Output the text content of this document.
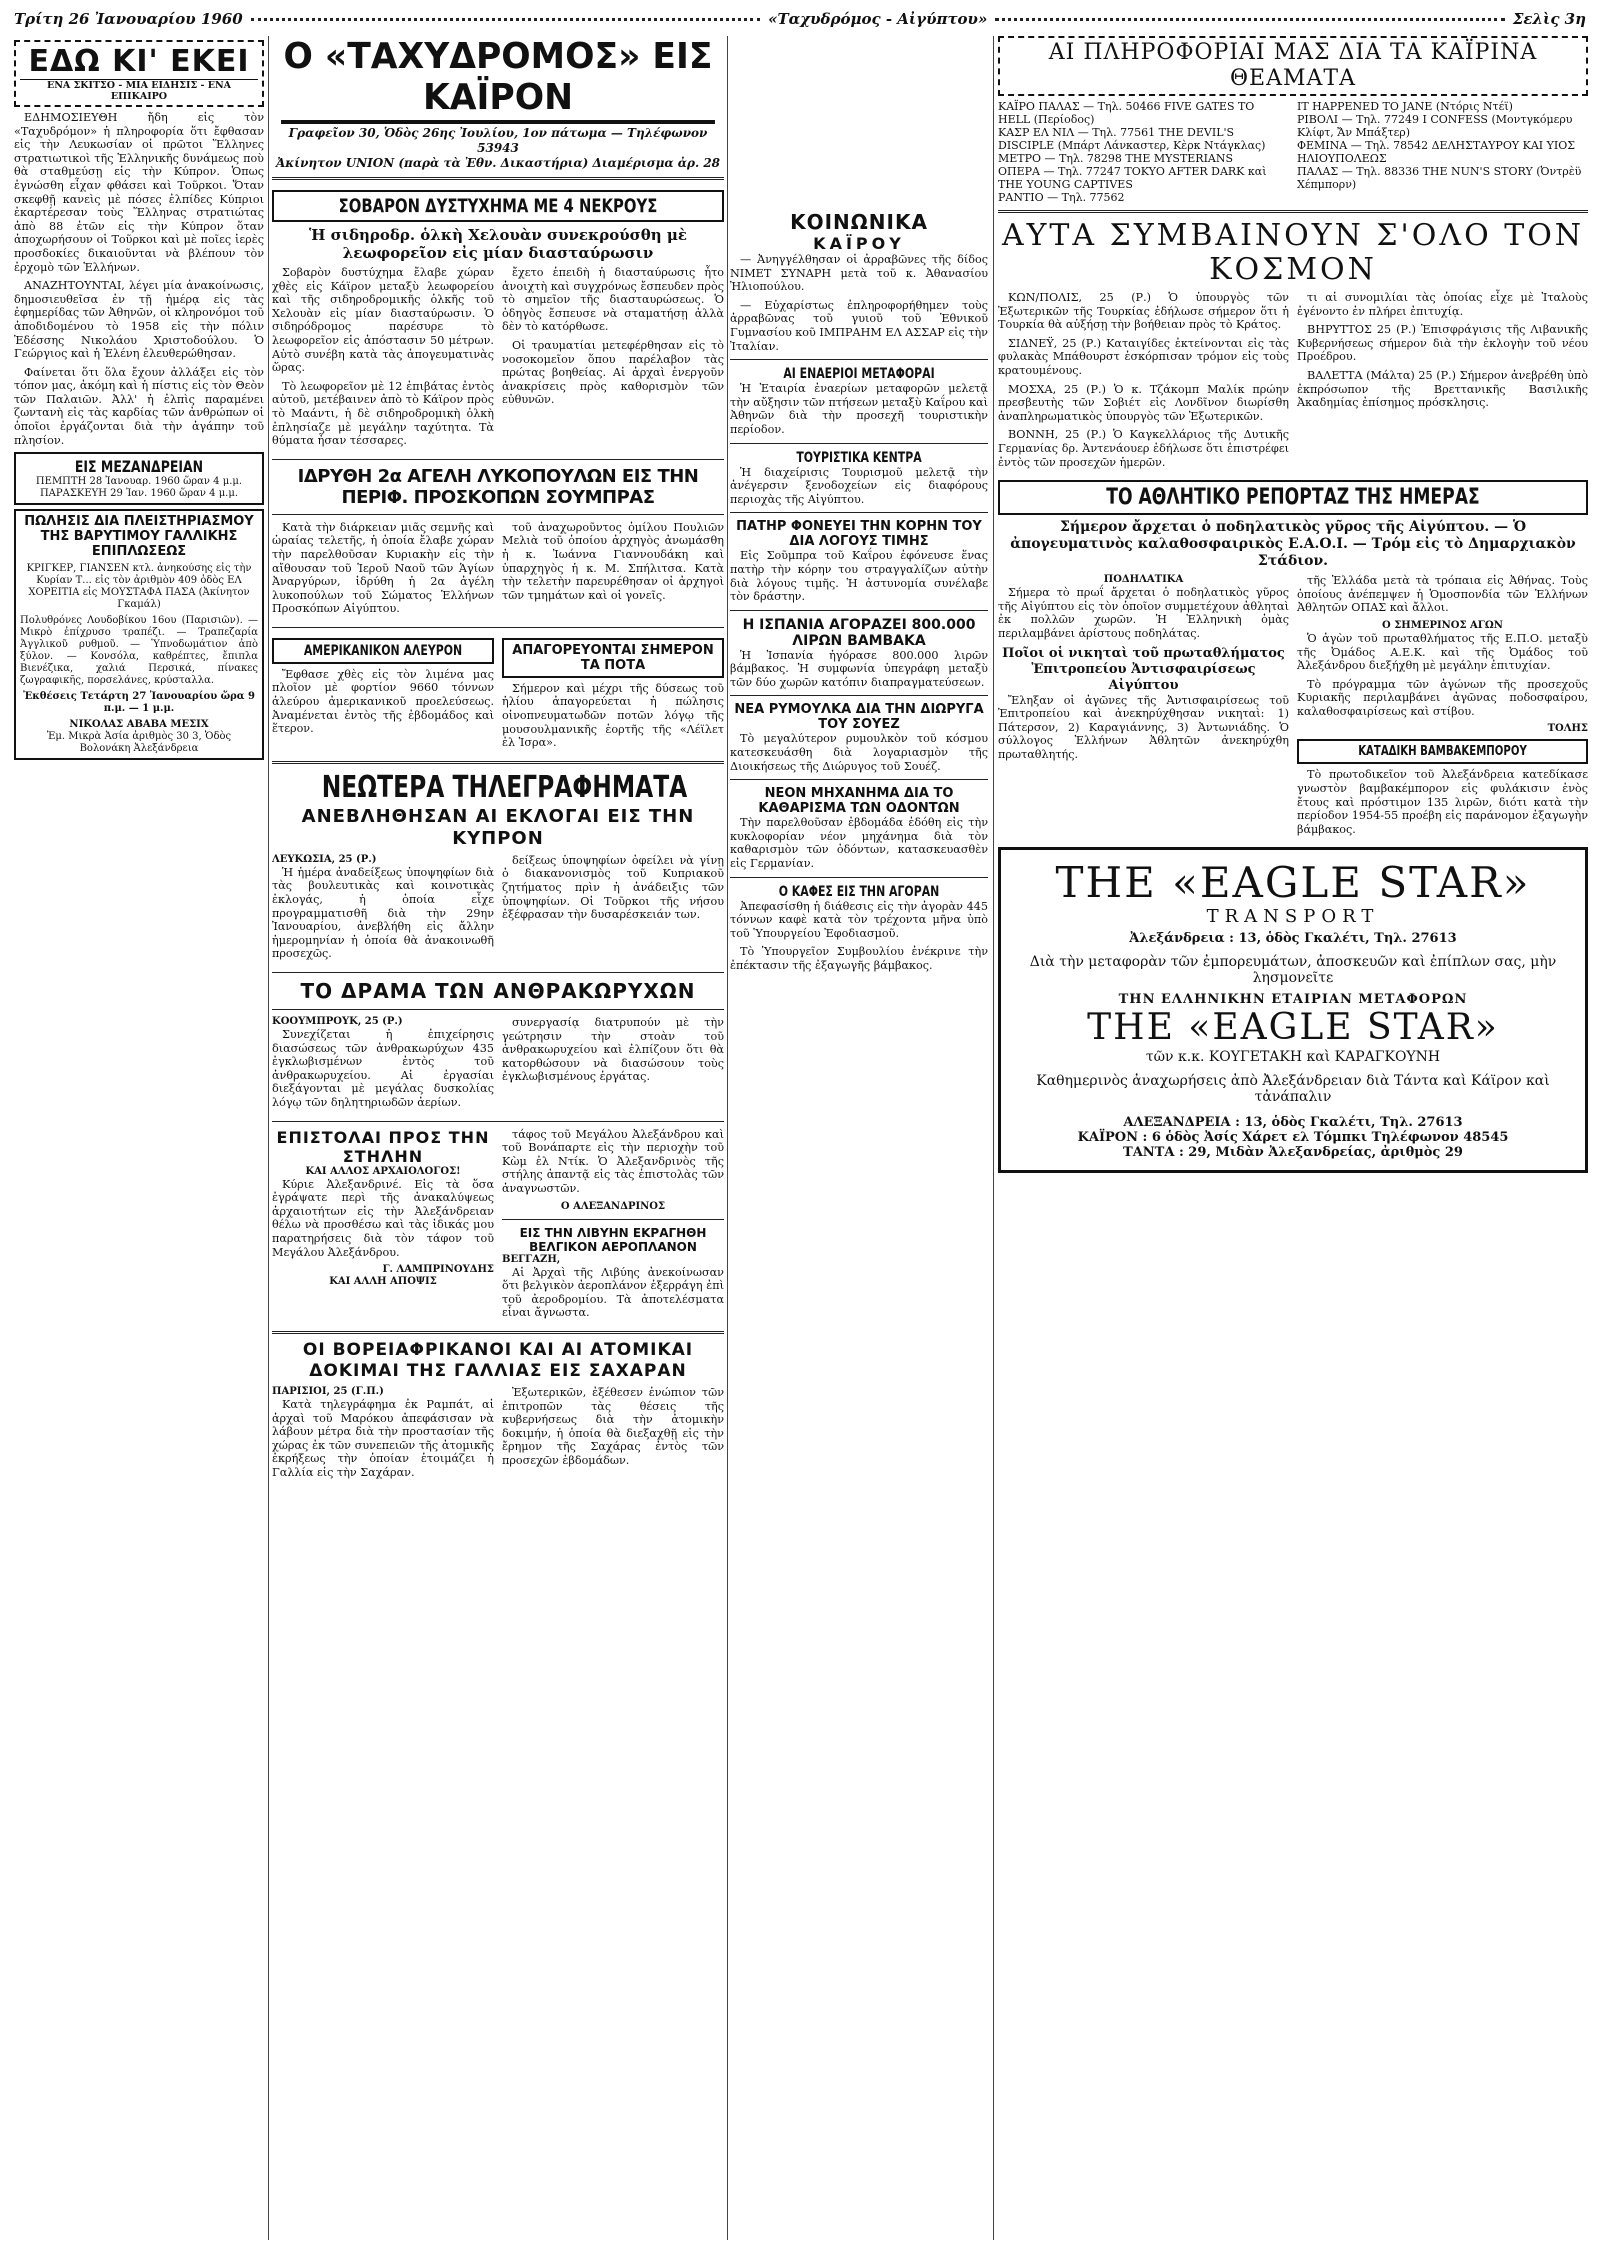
Τρίτη 26 Ἰανουαρίου 1960	«Ταχυδρόμος - Αἰγύπτου»	Σελὶς 3η
ΕΔΩ ΚΙ' ΕΚΕΙ
ΕΝΑ ΣΚΙΤΣΟ - ΜΙΑ ΕΙΔΗΣΙΣ - ΕΝΑ ΕΠΙΚΑΙΡΟ

ΕΔΗΜΟΣΙΕΥΘΗ ἤδη εἰς τὸν «Ταχυδρόμον» ἡ πληροφορία ὅτι ἔφθασαν εἰς τὴν Λευκωσίαν οἱ πρῶτοι Ἕλληνες στρατιωτικοὶ τῆς Ἑλληνικῆς δυνάμεως ποὺ θὰ σταθμεύσῃ εἰς τὴν Κύπρον. Ὁπως ἐγνώσθη εἶχαν φθάσει καὶ Τοῦρκοι. Ὅταν σκεφθῇ κανεὶς μὲ πόσες ἐλπίδες Κύπριοι ἐκαρτέρεσαν τοὺς Ἕλληνας στρατιώτας ἀπὸ 88 ἐτῶν εἰς τὴν Κύπρον ὅταν ἀποχωρήσουν οἱ Τοῦρκοι καὶ μὲ ποῖες ἱερὲς προσδοκίες δικαιοῦνται νὰ βλέπουν τὸν ἐρχομὸ τῶν Ἑλλήνων.

ΑΝΑΖΗΤΟΥΝΤΑΙ, λέγει μία ἀνακοίνωσις, δημοσιευθεῖσα ἐν τῇ ἡμέρᾳ εἰς τὰς ἐφημερίδας τῶν Ἀθηνῶν, οἱ κληρονόμοι τοῦ ἀποδιδομένου τὸ 1958 εἰς τὴν πόλιν Ἐδέσσης Νικολάου Χριστοδούλου. Ὁ Γεώργιος καὶ ἡ Ἑλένη ἐλευθερώθησαν.

Φαίνεται ὅτι ὅλα ἔχουν ἀλλάξει εἰς τὸν τόπον μας, ἀκόμη καὶ ἡ πίστις εἰς τὸν Θεὸν τῶν Παλαιῶν. Ἀλλ' ἡ ἐλπὶς παραμένει ζωντανὴ εἰς τὰς καρδίας τῶν ἀνθρώπων οἱ ὁποῖοι ἐργάζονται διὰ τὴν ἀγάπην τοῦ πλησίον.

ΕΙΣ ΜΕΖΑΝΔΡΕΙΑΝ
ΠΕΜΠΤΗ 28 Ἰανουαρ. 1960 ὥραν 4 μ.μ. ΠΑΡΑΣΚΕΥΗ 29 Ἰαν. 1960 ὥραν 4 μ.μ.
ΠΩΛΗΣΙΣ ΔΙΑ ΠΛΕΙΣΤΗΡΙΑΣΜΟΥ ΤΗΣ ΒΑΡΥΤΙΜΟΥ ΓΑΛΛΙΚΗΣ ΕΠΙΠΛΩΣΕΩΣ
ΚΡΙΓΚΕΡ, ΓΙΑΝΣΕΝ κτλ. ἀνηκούσης εἰς τὴν Κυρίαν Τ... εἰς τὸν ἀριθμὸν 409 ὁδὸς ΕΛ ΧΟΡΕΙΤΙΑ εἰς ΜΟΥΣΤΑΦΑ ΠΑΣΑ (Ἀκίνητον Γκαμάλ)
Πολυθρόνες Λουδοβίκου 16ου (Παρισιῶν). — Μικρὸ ἐπίχρυσο τραπέζι. — Τραπεζαρία Ἀγγλικοῦ ρυθμοῦ. — Ὑπνοδωμάτιον ἀπὸ ξύλον. — Κονσόλα, καθρέπτες, ἔπιπλα Βιενέζικα, χαλιά Περσικά, πίνακες ζωγραφικῆς, πορσελάνες, κρύσταλλα.
Ἐκθέσεις Τετάρτη 27 Ἰανουαρίου ὥρα 9 π.μ. — 1 μ.μ.
ΝΙΚΟΛΑΣ ΑΒΑΒΑ ΜΕΣΙΧ
Ἐμ. Μικρὰ Ἀσία ἀριθμὸς 30 3, Ὁδὸς Βολονάκη Ἀλεξάνδρεια
Ο «ΤΑΧΥΔΡΟΜΟΣ» ΕΙΣ ΚΑΪΡΟΝ
Γραφεῖον 30, Ὁδὸς 26ης Ἰουλίου, 1ον πάτωμα — Τηλέφωνον 53943
Ἀκίνητον UNION (παρὰ τὰ Ἐθν. Δικαστήρια) Διαμέρισμα ἀρ. 28
ΣΟΒΑΡΟΝ ΔΥΣΤΥΧΗΜΑ ΜΕ 4 ΝΕΚΡΟΥΣ
Ἡ σιδηροδρ. ὁλκὴ Χελουὰν συνεκρούσθη μὲ λεωφορεῖον εἰς μίαν διασταύρωσιν

Σοβαρὸν δυστύχημα ἔλαβε χώραν χθὲς εἰς Κάϊρον μεταξὺ λεωφορείου καὶ τῆς σιδηροδρομικῆς ὁλκῆς τοῦ Χελουὰν εἰς μίαν διασταύρωσιν. Ὁ σιδηρόδρομος παρέσυρε τὸ λεωφορεῖον εἰς ἀπόστασιν 50 μέτρων. Αὐτὸ συνέβη κατὰ τὰς ἀπογευματινὰς ὥρας.

Τὸ λεωφορεῖον μὲ 12 ἐπιβάτας ἐντὸς αὐτοῦ, μετέβαινεν ἀπὸ τὸ Κάϊρον πρὸς τὸ Μαάντι, ἡ δὲ σιδηροδρομικὴ ὁλκὴ ἐπλησίαζε μὲ μεγάλην ταχύτητα. Τὰ θύματα ἦσαν τέσσαρες.

ἔχετο ἐπειδὴ ἡ διασταύρωσις ἦτο ἀνοιχτὴ καὶ συγχρόνως ἔσπευδεν πρὸς τὸ σημεῖον τῆς διασταυρώσεως. Ὁ ὁδηγὸς ἔσπευσε νὰ σταματήσῃ ἀλλὰ δὲν τὸ κατόρθωσε.

Οἱ τραυματίαι μετεφέρθησαν εἰς τὸ νοσοκομεῖον ὅπου παρέλαβον τὰς πρώτας βοηθείας. Αἱ ἀρχαὶ ἐνεργοῦν ἀνακρίσεις πρὸς καθορισμὸν τῶν εὐθυνῶν.

ΙΔΡΥΘΗ 2α ΑΓΕΛΗ ΛΥΚΟΠΟΥΛΩΝ ΕΙΣ ΤΗΝ ΠΕΡΙΦ. ΠΡΟΣΚΟΠΩΝ ΣΟΥΜΠΡΑΣ

Κατὰ τὴν διάρκειαν μιᾶς σεμνῆς καὶ ὡραίας τελετῆς, ἡ ὁποία ἔλαβε χώραν τὴν παρελθοῦσαν Κυριακὴν εἰς τὴν αἴθουσαν τοῦ Ἱεροῦ Ναοῦ τῶν Ἁγίων Ἀναργύρων, ἱδρύθη ἡ 2α ἀγέλη λυκοπούλων τοῦ Σώματος Ἑλλήνων Προσκόπων Αἰγύπτου.

τοῦ ἀναχωροῦντος ὁμίλου Πουλιῶν Μελιὰ τοῦ ὁποίου ἀρχηγὸς ἀνωμάσθη ἡ κ. Ἰωάννα Γιαννουδάκη καὶ ὑπαρχηγὸς ἡ κ. Μ. Σπήλιτσα. Κατὰ τὴν τελετὴν παρευρέθησαν οἱ ἀρχηγοὶ τῶν τμημάτων καὶ οἱ γονεῖς.

ΑΜΕΡΙΚΑΝΙΚΟΝ ΑΛΕΥΡΟΝ

Ἔφθασε χθὲς εἰς τὸν λιμένα μας πλοῖον μὲ φορτίον 9660 τόννων ἀλεύρου ἀμερικανικοῦ προελεύσεως. Ἀναμένεται ἐντὸς τῆς ἑβδομάδος καὶ ἕτερον.

ΑΠΑΓΟΡΕΥΟΝΤΑΙ ΣΗΜΕΡΟΝ ΤΑ ΠΟΤΑ

Σήμερον καὶ μέχρι τῆς δύσεως τοῦ ἡλίου ἀπαγορεύεται ἡ πώλησις οἰνοπνευματωδῶν ποτῶν λόγῳ τῆς μουσουλμανικῆς ἑορτῆς τῆς «Λέϊλετ ἐλ Ἱσρα».

ΝΕΩΤΕΡΑ ΤΗΛΕΓΡΑΦΗΜΑΤΑ
ΑΝΕΒΛΗΘΗΣΑΝ ΑΙ ΕΚΛΟΓΑΙ ΕΙΣ ΤΗΝ ΚΥΠΡΟΝ
ΛΕΥΚΩΣΙΑ, 25 (Ρ.)

Ἡ ἡμέρα ἀναδείξεως ὑποψηφίων διὰ τὰς βουλευτικὰς καὶ κοινοτικὰς ἐκλογάς, ἡ ὁποία εἶχε προγραμματισθῆ διὰ τὴν 29ην Ἰανουαρίου, ἀνεβλήθη εἰς ἄλλην ἡμερομηνίαν ἡ ὁποία θὰ ἀνακοινωθῆ προσεχῶς.

δείξεως ὑποψηφίων ὀφείλει νὰ γίνῃ ὁ διακανονισμὸς τοῦ Κυπριακοῦ ζητήματος πρὶν ἡ ἀνάδειξις τῶν ὑποψηφίων. Οἱ Τοῦρκοι τῆς νήσου ἐξέφρασαν τὴν δυσαρέσκειάν των.

ΤΟ ΔΡΑΜΑ ΤΩΝ ΑΝΘΡΑΚΩΡΥΧΩΝ
ΚΟΟΥΜΠΡΟΥΚ, 25 (Ρ.)

Συνεχίζεται ἡ ἐπιχείρησις διασώσεως τῶν ἀνθρακωρύχων 435 ἐγκλωβισμένων ἐντὸς τοῦ ἀνθρακωρυχείου. Αἱ ἐργασίαι διεξάγονται μὲ μεγάλας δυσκολίας λόγῳ τῶν δηλητηριωδῶν ἀερίων.

συνεργασίᾳ διατρυπούν μὲ τὴν γεώτρησιν τὴν στοὰν τοῦ ἀνθρακωρυχείου καὶ ἐλπίζουν ὅτι θὰ κατορθώσουν νὰ διασώσουν τοὺς ἐγκλωβισμένους ἐργάτας.

ΕΠΙΣΤΟΛΑΙ ΠΡΟΣ ΤΗΝ ΣΤΗΛΗΝ
ΚΑΙ ΑΛΛΟΣ ΑΡΧΑΙΟΛΟΓΟΣ!

Κύριε Ἀλεξανδρινέ. Εἰς τὰ ὅσα ἐγράψατε περὶ τῆς ἀνακαλύψεως ἀρχαιοτήτων εἰς τὴν Ἀλεξάνδρειαν θέλω νὰ προσθέσω καὶ τὰς ἰδικάς μου παρατηρήσεις διὰ τὸν τάφον τοῦ Μεγάλου Ἀλεξάνδρου.

Γ. ΛΑΜΠΡΙΝΟΥΔΗΣ
ΚΑΙ ΑΛΛΗ ΑΠΟΨΙΣ

τάφος τοῦ Μεγάλου Ἀλεξάνδρου καὶ τοῦ Βονάπαρτε εἰς τὴν περιοχὴν τοῦ Κὼμ ἐλ Ντίκ. Ὁ Ἀλεξανδρινὸς τῆς στήλης ἀπαντᾷ εἰς τὰς ἐπιστολὰς τῶν ἀναγνωστῶν.

Ο ΑΛΕΞΑΝΔΡΙΝΟΣ
ΕΙΣ ΤΗΝ ΛΙΒΥΗΝ ΕΚΡΑΓΗΘΗ ΒΕΛΓΙΚΟΝ ΑΕΡΟΠΛΑΝΟΝ
ΒΕΓΓΑΖΗ,

Αἱ Ἀρχαὶ τῆς Λιβύης ἀνεκοίνωσαν ὅτι βελγικὸν ἀεροπλάνον ἐξερράγη ἐπὶ τοῦ ἀεροδρομίου. Τὰ ἀποτελέσματα εἶναι ἄγνωστα.

ΟΙ ΒΟΡΕΙΑΦΡΙΚΑΝΟΙ ΚΑΙ ΑΙ ΑΤΟΜΙΚΑΙ ΔΟΚΙΜΑΙ ΤΗΣ ΓΑΛΛΙΑΣ ΕΙΣ ΣΑΧΑΡΑΝ
ΠΑΡΙΣΙΟΙ, 25 (Γ.Π.)

Κατὰ τηλεγράφημα ἐκ Ραμπάτ, αἱ ἀρχαὶ τοῦ Μαρόκου ἀπεφάσισαν νὰ λάβουν μέτρα διὰ τὴν προστασίαν τῆς χώρας ἐκ τῶν συνεπειῶν τῆς ἀτομικῆς ἐκρήξεως τὴν ὁποίαν ἑτοιμάζει ἡ Γαλλία εἰς τὴν Σαχάραν.

Ἐξωτερικῶν, ἐξέθεσεν ἐνώπιον τῶν ἐπιτροπῶν τὰς θέσεις τῆς κυβερνήσεως διὰ τὴν ἀτομικὴν δοκιμήν, ἡ ὁποία θὰ διεξαχθῇ εἰς τὴν ἔρημον τῆς Σαχάρας ἐντὸς τῶν προσεχῶν ἑβδομάδων.

ΚΟΙΝΩΝΙΚΑ
ΚΑΪΡΟΥ

— Ἀνηγγέλθησαν οἱ ἀρραβῶνες τῆς δίδος ΝΙΜΕΤ ΣΥΝΑΡΗ μετὰ τοῦ κ. Ἀθανασίου Ἠλιοπούλου.

— Εὐχαρίστως ἐπληροφορήθημεν τοὺς ἀρραβῶνας τοῦ γυιοῦ τοῦ Ἐθνικοῦ Γυμνασίου κοῦ ΙΜΠΡΑΗΜ ΕΛ ΑΣΣΑΡ εἰς τὴν Ἰταλίαν.

ΑΙ ΕΝΑΕΡΙΟΙ ΜΕΤΑΦΟΡΑΙ

Ἡ Ἑταιρία ἐναερίων μεταφορῶν μελετᾷ τὴν αὔξησιν τῶν πτήσεων μεταξὺ Καΐρου καὶ Ἀθηνῶν διὰ τὴν προσεχῆ τουριστικὴν περίοδον.

ΤΟΥΡΙΣΤΙΚΑ ΚΕΝΤΡΑ

Ἡ διαχείρισις Τουρισμοῦ μελετᾷ τὴν ἀνέγερσιν ξενοδοχείων εἰς διαφόρους περιοχὰς τῆς Αἰγύπτου.

ΠΑΤΗΡ ΦΟΝΕΥΕΙ ΤΗΝ ΚΟΡΗΝ ΤΟΥ ΔΙΑ ΛΟΓΟΥΣ ΤΙΜΗΣ

Εἰς Σοῦμπρα τοῦ Καΐρου ἐφόνευσε ἕνας πατὴρ τὴν κόρην του στραγγαλίζων αὐτὴν διὰ λόγους τιμῆς. Ἡ ἀστυνομία συνέλαβε τὸν δράστην.

Η ΙΣΠΑΝΙΑ ΑΓΟΡΑΖΕΙ 800.000 ΛΙΡΩΝ ΒΑΜΒΑΚΑ

Ἡ Ἱσπανία ἠγόρασε 800.000 λιρῶν βάμβακος. Ἡ συμφωνία ὑπεγράφη μεταξὺ τῶν δύο χωρῶν κατόπιν διαπραγματεύσεων.

ΝΕΑ ΡΥΜΟΥΛΚΑ ΔΙΑ ΤΗΝ ΔΙΩΡΥΓΑ ΤΟΥ ΣΟΥΕΖ

Τὸ μεγαλύτερον ρυμουλκὸν τοῦ κόσμου κατεσκευάσθη διὰ λογαριασμὸν τῆς Διοικήσεως τῆς Διώρυγος τοῦ Σουέζ.

ΝΕΟΝ ΜΗΧΑΝΗΜΑ ΔΙΑ ΤΟ ΚΑΘΑΡΙΣΜΑ ΤΩΝ ΟΔΟΝΤΩΝ

Τὴν παρελθοῦσαν ἑβδομάδα ἐδόθη εἰς τὴν κυκλοφορίαν νέον μηχάνημα διὰ τὸν καθαρισμὸν τῶν ὀδόντων, κατασκευασθὲν εἰς Γερμανίαν.

Ο ΚΑΦΕΣ ΕΙΣ ΤΗΝ ΑΓΟΡΑΝ

Ἀπεφασίσθη ἡ διάθεσις εἰς τὴν ἀγορὰν 445 τόννων καφὲ κατὰ τὸν τρέχοντα μῆνα ὑπὸ τοῦ Ὑπουργείου Ἐφοδιασμοῦ.

Τὸ Ὑπουργεῖον Συμβουλίου ἐνέκρινε τὴν ἐπέκτασιν τῆς ἐξαγωγῆς βάμβακος.

ΑΙ ΠΛΗΡΟΦΟΡΙΑΙ ΜΑΣ ΔΙΑ ΤΑ ΚΑΪΡΙΝΑ ΘΕΑΜΑΤΑ

ΚΑΪΡΟ ΠΑΛΑΣ — Τηλ. 50466 FIVE GATES TO HELL (Περίοδος)

ΚΑΣΡ ΕΛ ΝΙΛ — Τηλ. 77561 THE DEVIL'S DISCIPLE (Μπάρτ Λάνκαστερ, Κὲρκ Ντάγκλας)

ΜΕΤΡΟ — Τηλ. 78298 THE MYSTERIANS

ΟΠΕΡΑ — Τηλ. 77247 TOKYO AFTER DARK καὶ THE YOUNG CAPTIVES

ΡΑΝΤΙΟ — Τηλ. 77562

IT HAPPENED TO JANE (Ντόρις Ντέϊ)

ΡΙΒΟΛΙ — Τηλ. 77249 I CONFESS (Μοντγκόμερυ Κλίφτ, Ἄν Μπάξτερ)

ΦΕΜΙΝΑ — Τηλ. 78542 ΔΕΛΗΣΤΑΥΡΟΥ ΚΑΙ ΥΙΟΣ

ΗΛΙΟΥΠΟΛΕΩΣ

ΠΑΛΑΣ — Τηλ. 88336 THE NUN'S STORY (Ὀντρὲϋ Χέπμπορν)

ΑΥΤΑ ΣΥΜΒΑΙΝΟΥΝ Σ'ΟΛΟ ΤΟΝ ΚΟΣΜΟΝ

ΚΩΝ/ΠΟΛΙΣ, 25 (Ρ.) Ὁ ὑπουργὸς τῶν Ἐξωτερικῶν τῆς Τουρκίας ἐδήλωσε σήμερον ὅτι ἡ Τουρκία θὰ αὐξήσῃ τὴν βοήθειαν πρὸς τὸ Κράτος.

ΣΙΔΝΕΫ, 25 (Ρ.) Καταιγίδες ἐκτείνονται εἰς τὰς φυλακὰς Μπάθουρστ ἐσκόρπισαν τρόμον εἰς τοὺς κρατουμένους.

ΜΟΣΧΑ, 25 (Ρ.) Ὁ κ. Τζάκομπ Μαλίκ πρώην πρεσβευτὴς τῶν Σοβιέτ εἰς Λονδῖνον διωρίσθη ἀναπληρωματικὸς ὑπουργὸς τῶν Ἐξωτερικῶν.

ΒΟΝΝΗ, 25 (Ρ.) Ὁ Καγκελλάριος τῆς Δυτικῆς Γερμανίας δρ. Ἀντενάουερ ἐδήλωσε ὅτι ἐπιστρέφει ἐντὸς τῶν προσεχῶν ἡμερῶν.

τι αἱ συνομιλίαι τὰς ὁποίας εἶχε μὲ Ἰταλοὺς ἐγένοντο ἐν πλήρει ἐπιτυχίᾳ.

ΒΗΡΥΤΤΟΣ 25 (Ρ.) Ἐπισφράγισις τῆς Λιβανικῆς Κυβερνήσεως σήμερον διὰ τὴν ἐκλογὴν τοῦ νέου Προέδρου.

ΒΑΛΕΤΤΑ (Μάλτα) 25 (Ρ.) Σήμερον ἀνεβρέθη ὑπὸ ἐκπρόσωπον τῆς Βρεττανικῆς Βασιλικῆς Ἀκαδημίας ἐπίσημος πρόσκλησις.

ΤΟ ΑΘΛΗΤΙΚΟ ΡΕΠΟΡΤΑΖ ΤΗΣ ΗΜΕΡΑΣ
Σήμερον ἄρχεται ὁ ποδηλατικὸς γῦρος τῆς Αἰγύπτου. — Ὁ ἀπογευματινὸς καλαθοσφαιρικὸς Ε.Α.Ο.Ι. — Τρόμ εἰς τὸ Δημαρχιακὸν Στάδιον.
ΠΟΔΗΛΑΤΙΚΑ

Σήμερα τὸ πρωΐ ἄρχεται ὁ ποδηλατικὸς γῦρος τῆς Αἰγύπτου εἰς τὸν ὁποῖον συμμετέχουν ἀθληταὶ ἐκ πολλῶν χωρῶν. Ἡ Ἑλληνικὴ ὁμὰς περιλαμβάνει ἀρίστους ποδηλάτας.

Ποῖοι οἱ νικηταὶ τοῦ πρωταθλήματος Ἐπιτροπείου Ἀντισφαιρίσεως Αἰγύπτου

Ἔληξαν οἱ ἀγῶνες τῆς Ἀντισφαιρίσεως τοῦ Ἐπιτροπείου καὶ ἀνεκηρύχθησαν νικηταὶ: 1) Πάτερσον, 2) Καραγιάννης, 3) Ἀντωνιάδης. Ὁ σύλλογος Ἑλλήνων Ἀθλητῶν ἀνεκηρύχθη πρωταθλητής.

τῆς Ἑλλάδα μετὰ τὰ τρόπαια εἰς Ἀθήνας. Τοὺς ὁποίους ἀνέπεμψεν ἡ Ὁμοσπονδία τῶν Ἑλλήνων Ἀθλητῶν ΟΠΑΣ καὶ ἄλλοι.

Ο ΣΗΜΕΡΙΝΟΣ ΑΓΩΝ

Ὁ ἀγὼν τοῦ πρωταθλήματος τῆς Ε.Π.Ο. μεταξὺ τῆς Ὀμάδος Α.Ε.Κ. καὶ τῆς Ὀμάδος τοῦ Ἀλεξάνδρου διεξήχθη μὲ μεγάλην ἐπιτυχίαν.

Τὸ πρόγραμμα τῶν ἀγώνων τῆς προσεχοῦς Κυριακῆς περιλαμβάνει ἀγῶνας ποδοσφαίρου, καλαθοσφαιρίσεως καὶ στίβου.

ΤΟΛΗΣ
ΚΑΤΑΔΙΚΗ ΒΑΜΒΑΚΕΜΠΟΡΟΥ

Τὸ πρωτοδικεῖον τοῦ Ἀλεξάνδρεια κατεδίκασε γνωστὸν βαμβακέμπορον εἰς φυλάκισιν ἑνὸς ἔτους καὶ πρόστιμον 135 λιρῶν, διότι κατὰ τὴν περίοδον 1954-55 προέβη εἰς παράνομον ἐξαγωγὴν βάμβακος.

THE «EAGLE STAR»
TRANSPORT
Ἀλεξάνδρεια : 13, ὁδὸς Γκαλέτι, Τηλ. 27613
Διὰ τὴν μεταφορὰν τῶν ἐμπορευμάτων, ἀποσκευῶν καὶ ἐπίπλων σας, μὴν λησμονεῖτε
ΤΗΝ ΕΛΛΗΝΙΚΗΝ ΕΤΑΙΡΙΑΝ ΜΕΤΑΦΟΡΩΝ
THE «EAGLE STAR»
τῶν κ.κ. ΚΟΥΓΕΤΑΚΗ καὶ ΚΑΡΑΓΚΟΥΝΗ
Καθημερινὸς ἀναχωρήσεις ἀπὸ Ἀλεξάνδρειαν διὰ Τάντα καὶ Κάϊρον καὶ τἀνάπαλιν
ΑΛΕΞΑΝΔΡΕΙΑ : 13, ὁδὸς Γκαλέτι, Τηλ. 27613
ΚΑΪΡΟΝ : 6 ὁδὸς Ἀσίς Χάρετ ελ Τόμπκι Τηλέφωνον 48545
ΤΑΝΤΑ : 29, Μιδὰν Ἀλεξανδρείας, ἀριθμὸς 29
